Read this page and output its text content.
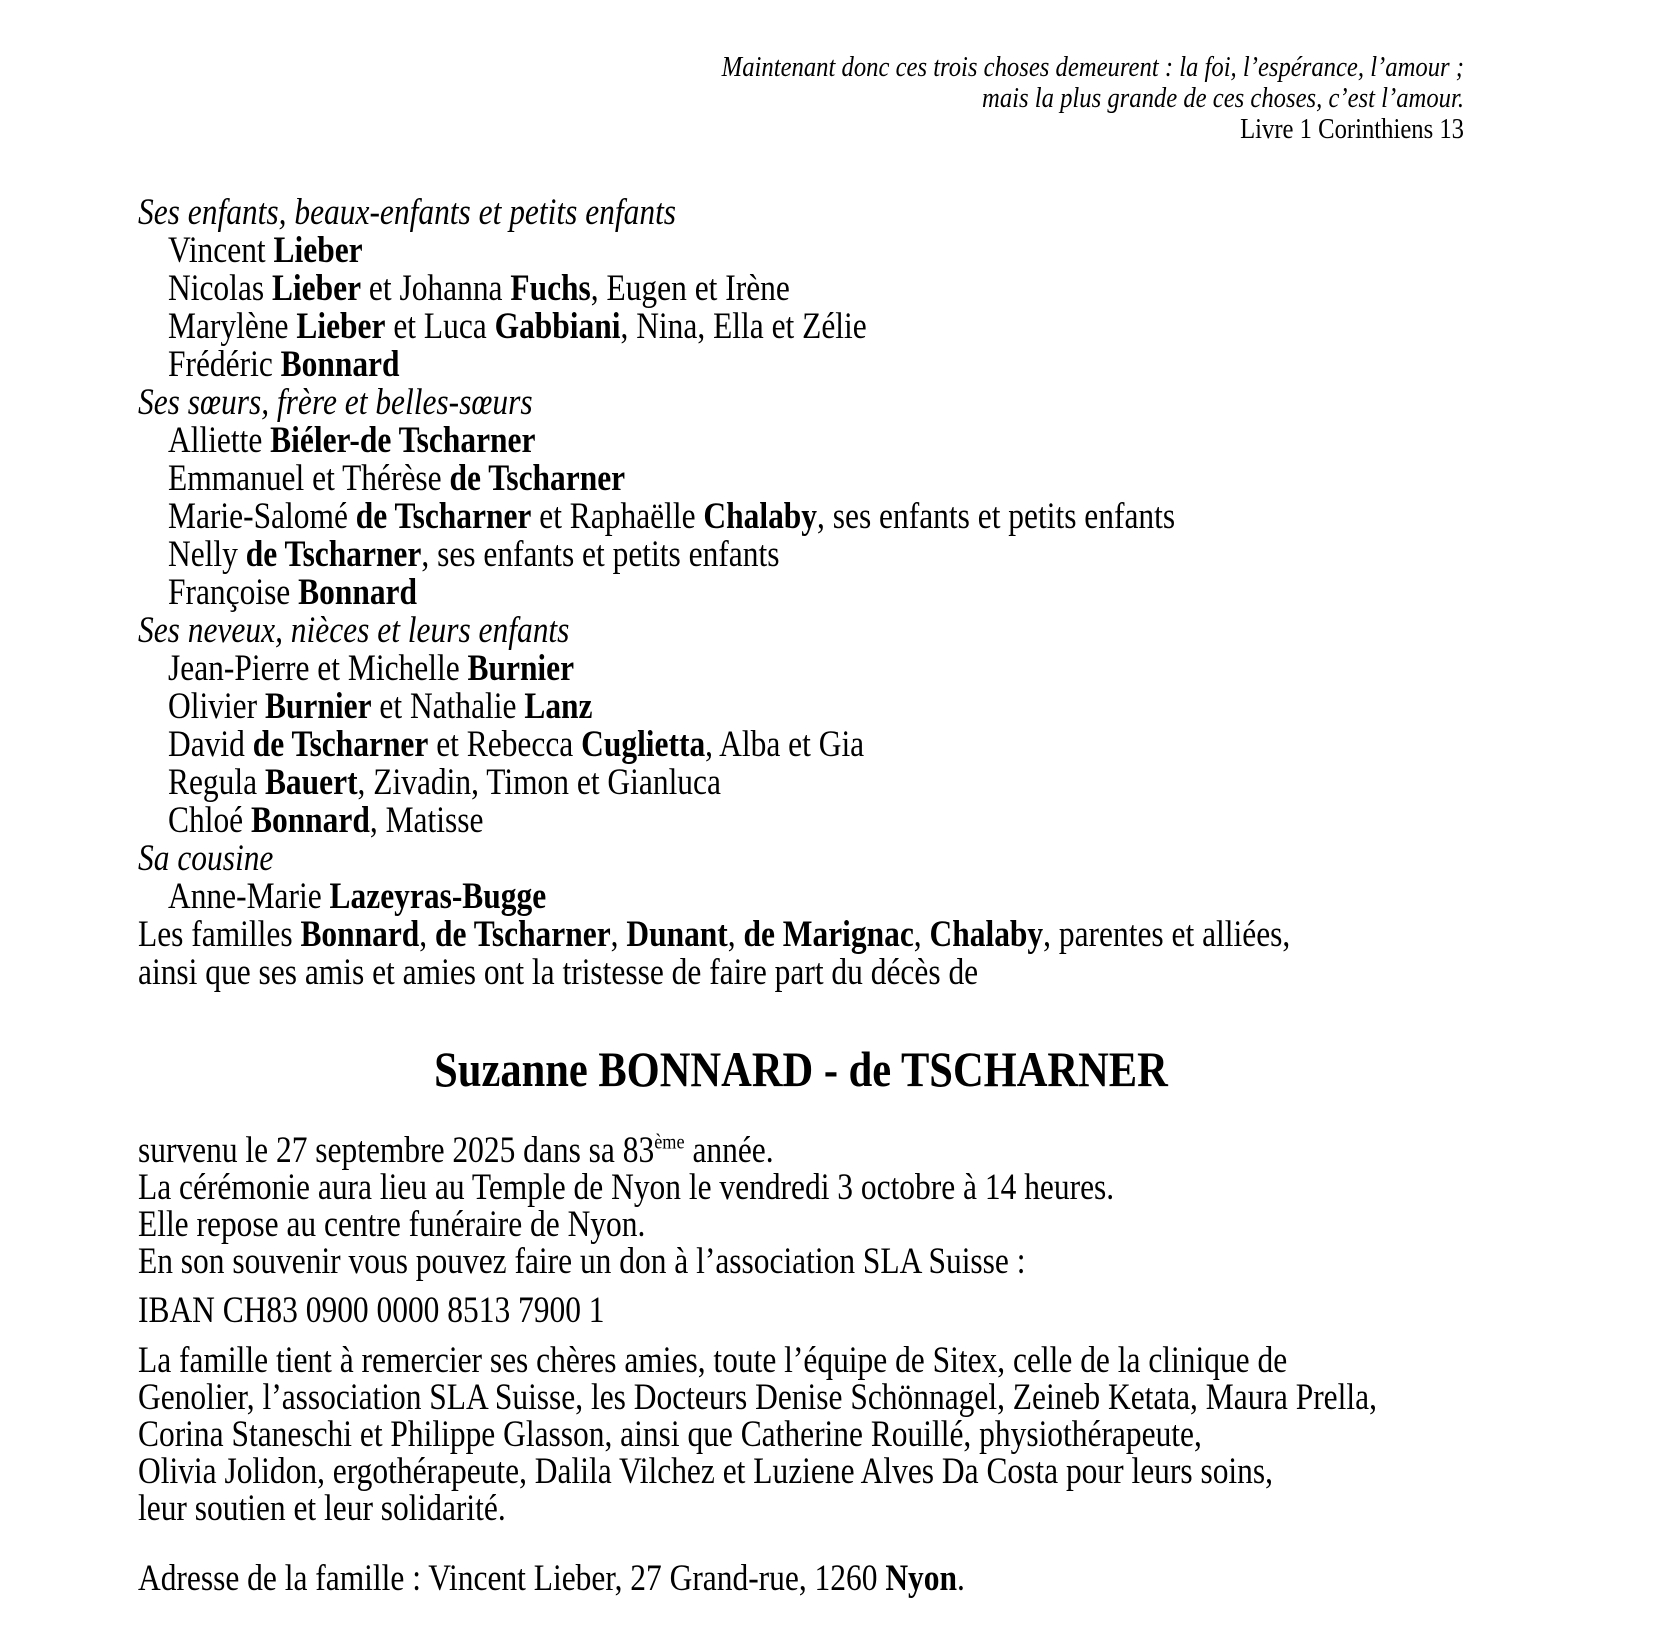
Maintenant donc ces trois choses demeurent : la foi, l’espérance, l’amour ;
mais la plus grande de ces choses, c’est l’amour.
Livre 1 Corinthiens 13
Ses enfants, beaux-enfants et petits enfants
Vincent Lieber
Nicolas Lieber et Johanna Fuchs, Eugen et Irène
Marylène Lieber et Luca Gabbiani, Nina, Ella et Zélie
Frédéric Bonnard
Ses sœurs, frère et belles-sœurs
Alliette Biéler-de Tscharner
Emmanuel et Thérèse de Tscharner
Marie-Salomé de Tscharner et Raphaëlle Chalaby, ses enfants et petits enfants
Nelly de Tscharner, ses enfants et petits enfants
Françoise Bonnard
Ses neveux, nièces et leurs enfants
Jean-Pierre et Michelle Burnier
Olivier Burnier et Nathalie Lanz
David de Tscharner et Rebecca Cuglietta, Alba et Gia
Regula Bauert, Zivadin, Timon et Gianluca
Chloé Bonnard, Matisse
Sa cousine
Anne-Marie Lazeyras-Bugge
Les familles Bonnard, de Tscharner, Dunant, de Marignac, Chalaby, parentes et alliées,
ainsi que ses amis et amies ont la tristesse de faire part du décès de
Suzanne BONNARD - de TSCHARNER
survenu le 27 septembre 2025 dans sa 83ème année.
La cérémonie aura lieu au Temple de Nyon le vendredi 3 octobre à 14 heures.
Elle repose au centre funéraire de Nyon.
En son souvenir vous pouvez faire un don à l’association SLA Suisse :
IBAN CH83 0900 0000 8513 7900 1
La famille tient à remercier ses chères amies, toute l’équipe de Sitex, celle de la clinique de
Genolier, l’association SLA Suisse, les Docteurs Denise Schönnagel, Zeineb Ketata, Maura Prella,
Corina Staneschi et Philippe Glasson, ainsi que Catherine Rouillé, physiothérapeute,
Olivia Jolidon, ergothérapeute, Dalila Vilchez et Luziene Alves Da Costa pour leurs soins,
leur soutien et leur solidarité.
Adresse de la famille : Vincent Lieber, 27 Grand-rue, 1260 Nyon.
